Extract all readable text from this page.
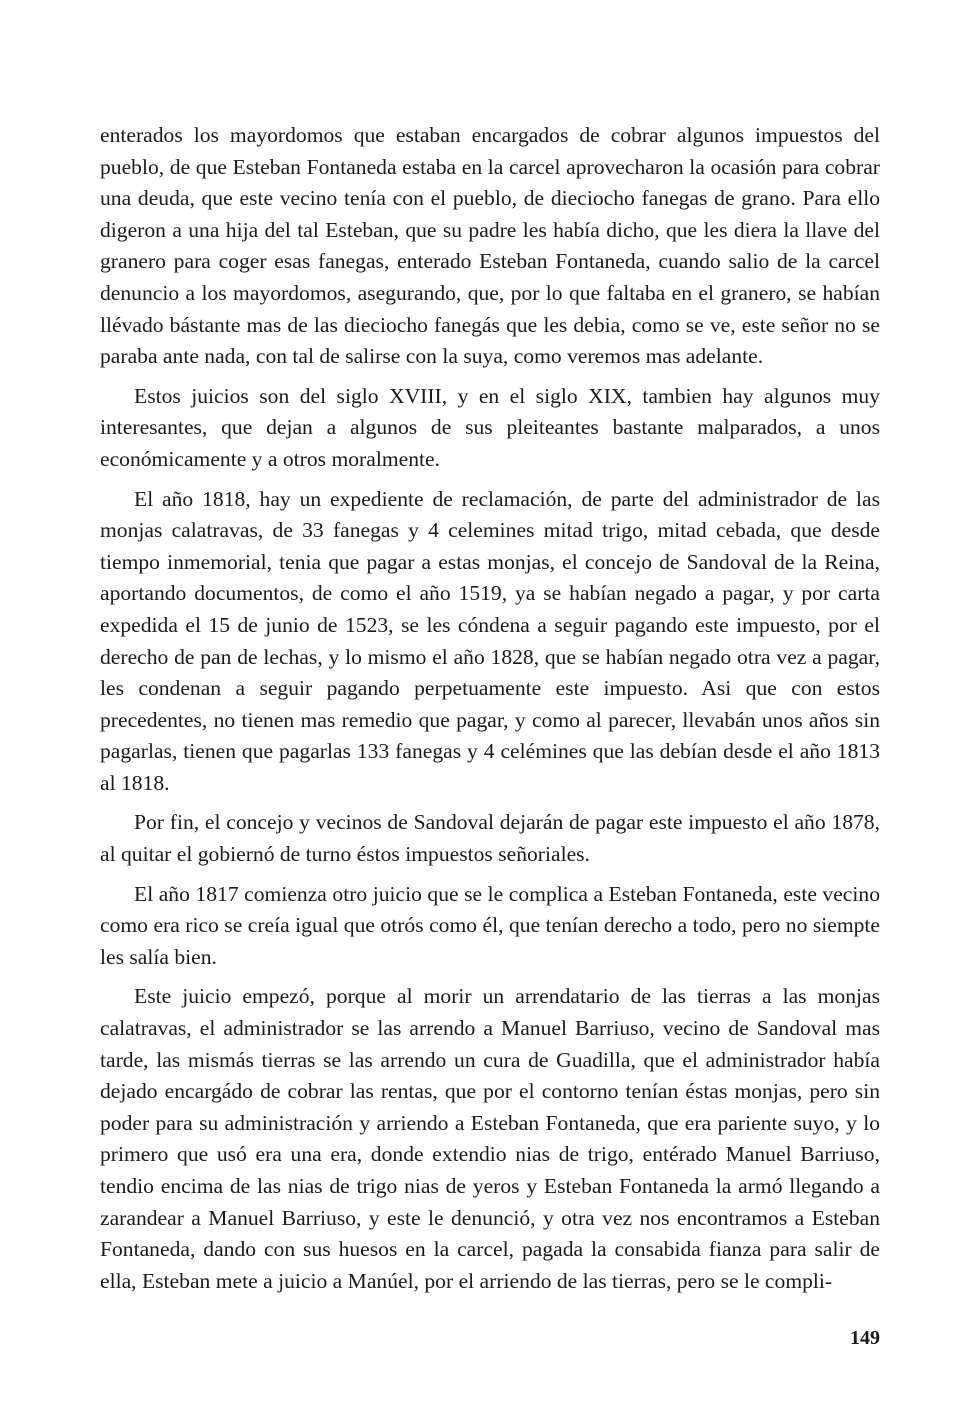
enterados los mayordomos que estaban encargados de cobrar algunos impuestos del pueblo, de que Esteban Fontaneda estaba en la carcel aprovecharon la ocasión para cobrar una deuda, que este vecino tenía con el pueblo, de dieciocho fanegas de grano. Para ello digeron a una hija del tal Esteban, que su padre les había dicho, que les diera la llave del granero para coger esas fanegas, enterado Esteban Fontaneda, cuando salio de la carcel denuncio a los mayordomos, asegurando, que, por lo que faltaba en el granero, se habían llévado bástante mas de las dieciocho fanegás que les debia, como se ve, este señor no se paraba ante nada, con tal de salirse con la suya, como veremos mas adelante.

Estos juicios son del siglo XVIII, y en el siglo XIX, tambien hay algunos muy interesantes, que dejan a algunos de sus pleiteantes bastante malparados, a unos económicamente y a otros moralmente.

El año 1818, hay un expediente de reclamación, de parte del administrador de las monjas calatravas, de 33 fanegas y 4 celemines mitad trigo, mitad cebada, que desde tiempo inmemorial, tenia que pagar a estas monjas, el concejo de Sandoval de la Reina, aportando documentos, de como el año 1519, ya se habían negado a pagar, y por carta expedida el 15 de junio de 1523, se les cóndena a seguir pagando este impuesto, por el derecho de pan de lechas, y lo mismo el año 1828, que se habían negado otra vez a pagar, les condenan a seguir pagando perpetuamente este impuesto. Asi que con estos precedentes, no tienen mas remedio que pagar, y como al parecer, llevabán unos años sin pagarlas, tienen que pagarlas 133 fanegas y 4 celémines que las debían desde el año 1813 al 1818.

Por fin, el concejo y vecinos de Sandoval dejarán de pagar este impuesto el año 1878, al quitar el gobiernó de turno éstos impuestos señoriales.

El año 1817 comienza otro juicio que se le complica a Esteban Fontaneda, este vecino como era rico se creía igual que otrós como él, que tenían derecho a todo, pero no siempte les salía bien.

Este juicio empezó, porque al morir un arrendatario de las tierras a las monjas calatravas, el administrador se las arrendo a Manuel Barriuso, vecino de Sandoval mas tarde, las mismás tierras se las arrendo un cura de Guadilla, que el administrador había dejado encargádo de cobrar las rentas, que por el contorno tenían éstas monjas, pero sin poder para su administración y arriendo a Esteban Fontaneda, que era pariente suyo, y lo primero que usó era una era, donde extendio nias de trigo, entérado Manuel Barriuso, tendio encima de las nias de trigo nias de yeros y Esteban Fontaneda la armó llegando a zarandear a Manuel Barriuso, y este le denunció, y otra vez nos encontramos a Esteban Fontaneda, dando con sus huesos en la carcel, pagada la consabida fianza para salir de ella, Esteban mete a juicio a Manúel, por el arriendo de las tierras, pero se le compli-

149
